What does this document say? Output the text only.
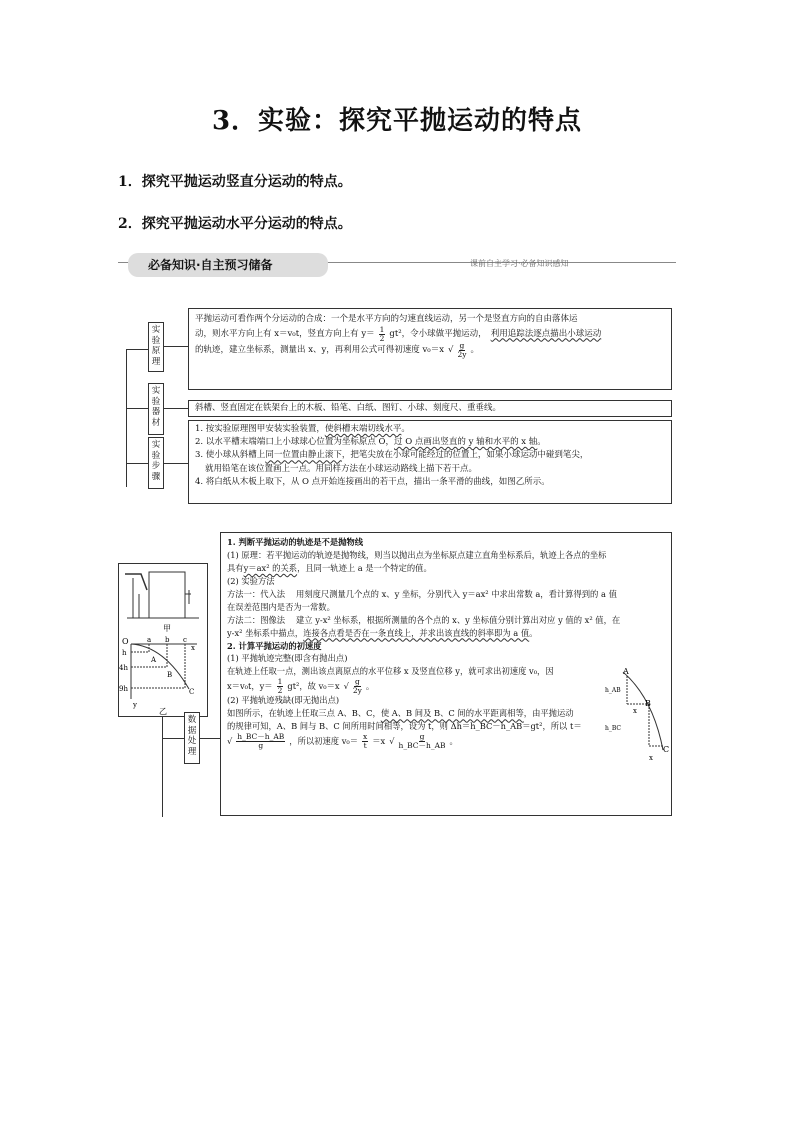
3．实验：探究平抛运动的特点
1．探究平抛运动竖直分运动的特点。
2．探究平抛运动水平分运动的特点。
必备知识·自主预习储备	课前自主学习·必备知识感知
实验原理

平抛运动可看作两个分运动的合成：一个是水平方向的匀速直线运动，另一个是竖直方向的自由落体运

动，则水平方向上有 x＝v₀t，竖直方向上有 $y= \frac{1}{2} gt^2$，令小球做平抛运动， 利用追踪法逐点描出小球运动
的轨迹，建立坐标系，测量出 x、y，再利用公式可得初速度 v₀＝x √ $\frac{g}{2y}$ 。
实验器材
斜槽、竖直固定在铁架台上的木板、铅笔、白纸、图钉、小球、刻度尺、重垂线。
实验步骤

1. 按实验原理图甲安装实验装置，使斜槽末端切线水平。

2. 以水平槽末端端口上小球球心位置为坐标原点 O，过 O 点画出竖直的 y 轴和水平的 x 轴。

3. 使小球从斜槽上同一位置由静止滚下，把笔尖放在小球可能经过的位置上，如果小球运动中碰到笔尖，

就用铅笔在该位置画上一点。用同样方法在小球运动路线上描下若干点。

4. 将白纸从木板上取下，从 O 点开始连接画出的若干点，描出一条平滑的曲线，如图乙所示。

甲
O	a b c
x
h
4h
9h
y
A
B
C
乙
数据处理

1. 判断平抛运动的轨迹是不是抛物线

(1) 原理：若平抛运动的轨迹是抛物线，则当以抛出点为坐标原点建立直角坐标系后，轨迹上各点的坐标

具有y＝ax² 的关系，且同一轨迹上 a 是一个特定的值。

(2) 实验方法

方法一：代入法　 用刻度尺测量几个点的 x、y 坐标，分别代入 y＝ax² 中求出常数 a，看计算得到的 a 值

在误差范围内是否为一常数。

方法二：图像法　 建立 y-x² 坐标系，根据所测量的各个点的 x、y 坐标值分别计算出对应 y 值的 x² 值，在

y-x² 坐标系中描点，连接各点看是否在一条直线上，并求出该直线的斜率即为 a 值。

2. 计算平抛运动的初速度

(1) 平抛轨迹完整(即含有抛出点)

在轨迹上任取一点，测出该点离原点的水平位移 x 及竖直位移 y，就可求出初速度 v₀，因

x＝v₀t，$y= \frac{1}{2} gt^2$，故 v₀＝x √ $\frac{g}{2y}$ 。

(2) 平抛轨迹残缺(即无抛出点)

如图所示，在轨迹上任取三点 A、B、C，使 A、B 间及 B、C 间的水平距离相等，由平抛运动

的规律可知，A、B 间与 B、C 间所用时间相等，设为 t，则 Δh＝h_BC－h_AB＝gt²，所以 t＝

√ $\frac{h\_BC-h\_AB}{g}$ ，所以初速度 $v_0= \frac{x}{t} =x$ √ $\frac{g}{h\_BC-h\_AB}$ 。
A
B
C
h_AB
h_BC
x
x
